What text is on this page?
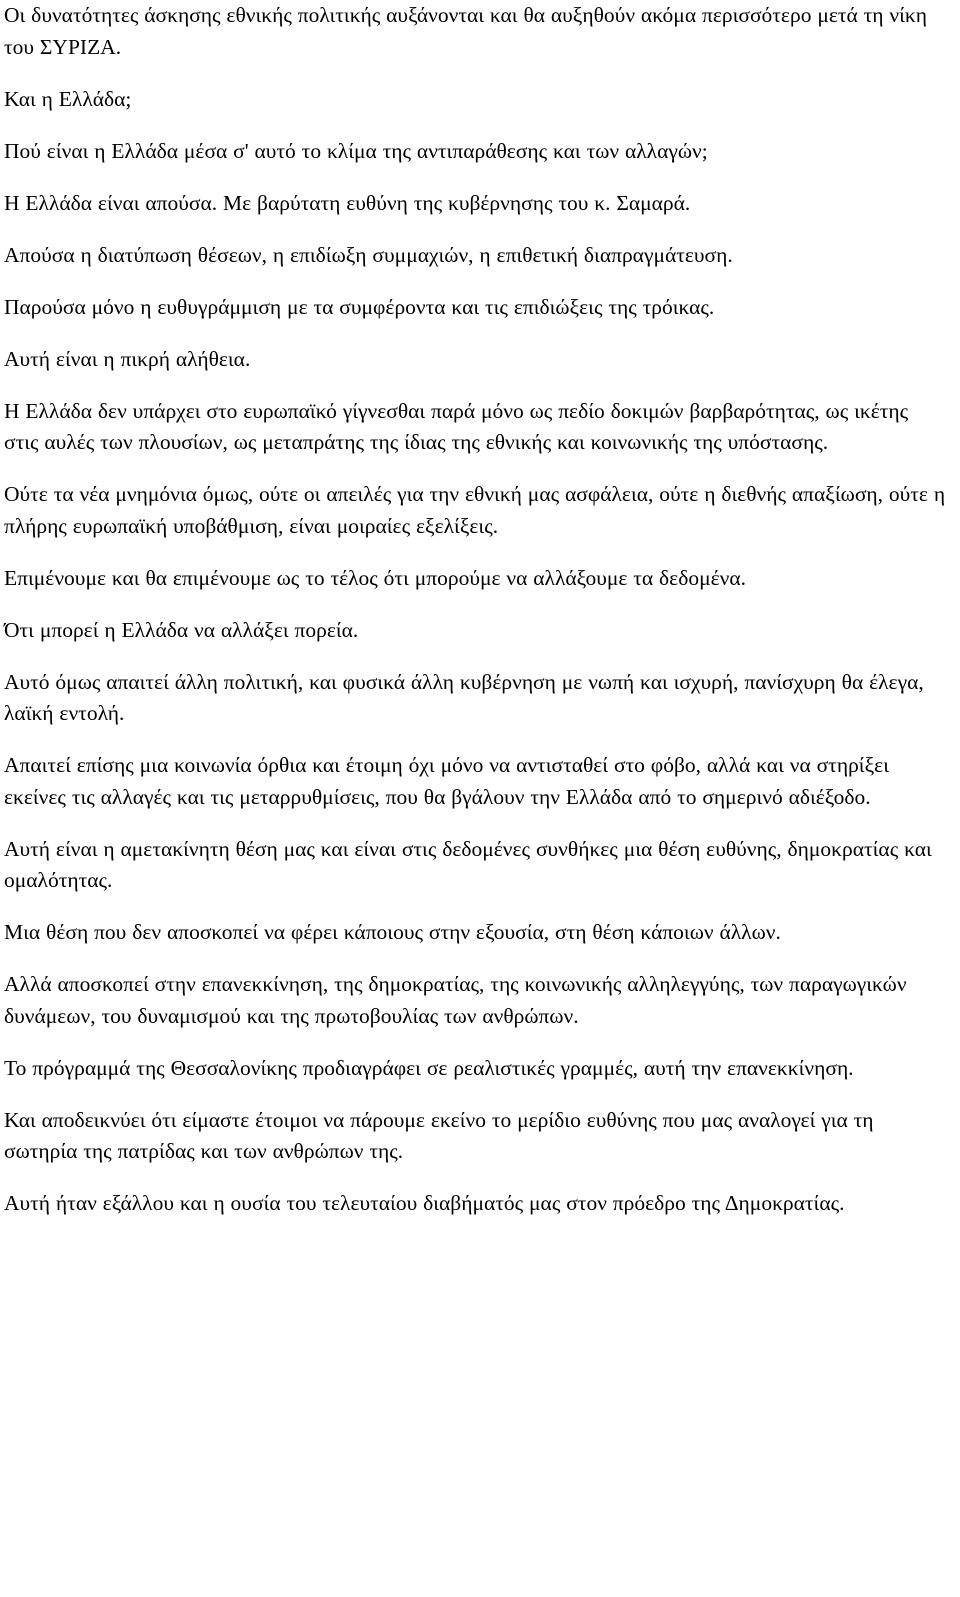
Οι δυνατότητες άσκησης εθνικής πολιτικής αυξάνονται και θα αυξηθούν ακόμα περισσότερο μετά τη νίκη του ΣΥΡΙΖΑ.

Και η Ελλάδα;

Πού είναι η Ελλάδα μέσα σ' αυτό το κλίμα της αντιπαράθεσης και των αλλαγών;

Η Ελλάδα είναι απούσα. Με βαρύτατη ευθύνη της κυβέρνησης του κ. Σαμαρά.

Απούσα η διατύπωση θέσεων, η επιδίωξη συμμαχιών, η επιθετική διαπραγμάτευση.

Παρούσα μόνο η ευθυγράμμιση με τα συμφέροντα και τις επιδιώξεις της τρόικας.

Αυτή είναι η πικρή αλήθεια.

Η Ελλάδα δεν υπάρχει στο ευρωπαϊκό γίγνεσθαι παρά μόνο ως πεδίο δοκιμών βαρβαρότητας, ως ικέτης στις αυλές των πλουσίων, ως μεταπράτης της ίδιας της εθνικής και κοινωνικής της υπόστασης.

Ούτε τα νέα μνημόνια όμως, ούτε οι απειλές για την εθνική μας ασφάλεια, ούτε η διεθνής απαξίωση, ούτε η πλήρης ευρωπαϊκή υποβάθμιση, είναι μοιραίες εξελίξεις.

Επιμένουμε και θα επιμένουμε ως το τέλος ότι μπορούμε να αλλάξουμε τα δεδομένα.

Ότι μπορεί η Ελλάδα να αλλάξει πορεία.

Αυτό όμως απαιτεί άλλη πολιτική, και φυσικά άλλη κυβέρνηση με νωπή και ισχυρή, πανίσχυρη θα έλεγα, λαϊκή εντολή.

Απαιτεί επίσης μια κοινωνία όρθια και έτοιμη όχι μόνο να αντισταθεί στο φόβο, αλλά και να στηρίξει εκείνες τις αλλαγές και τις μεταρρυθμίσεις, που θα βγάλουν την Ελλάδα από το σημερινό αδιέξοδο.

Αυτή είναι η αμετακίνητη θέση μας και είναι στις δεδομένες συνθήκες μια θέση ευθύνης, δημοκρατίας και ομαλότητας.

Μια θέση που δεν αποσκοπεί να φέρει κάποιους στην εξουσία, στη θέση κάποιων άλλων.

Αλλά αποσκοπεί στην επανεκκίνηση, της δημοκρατίας, της κοινωνικής αλληλεγγύης, των παραγωγικών δυνάμεων, του δυναμισμού και της πρωτοβουλίας των ανθρώπων.

Το πρόγραμμά της Θεσσαλονίκης προδιαγράφει σε ρεαλιστικές γραμμές, αυτή την επανεκκίνηση.

Και αποδεικνύει ότι είμαστε έτοιμοι να πάρουμε εκείνο το μερίδιο ευθύνης που μας αναλογεί για τη σωτηρία της πατρίδας και των ανθρώπων της.

Αυτή ήταν εξάλλου και η ουσία του τελευταίου διαβήματός μας στον πρόεδρο της Δημοκρατίας.
